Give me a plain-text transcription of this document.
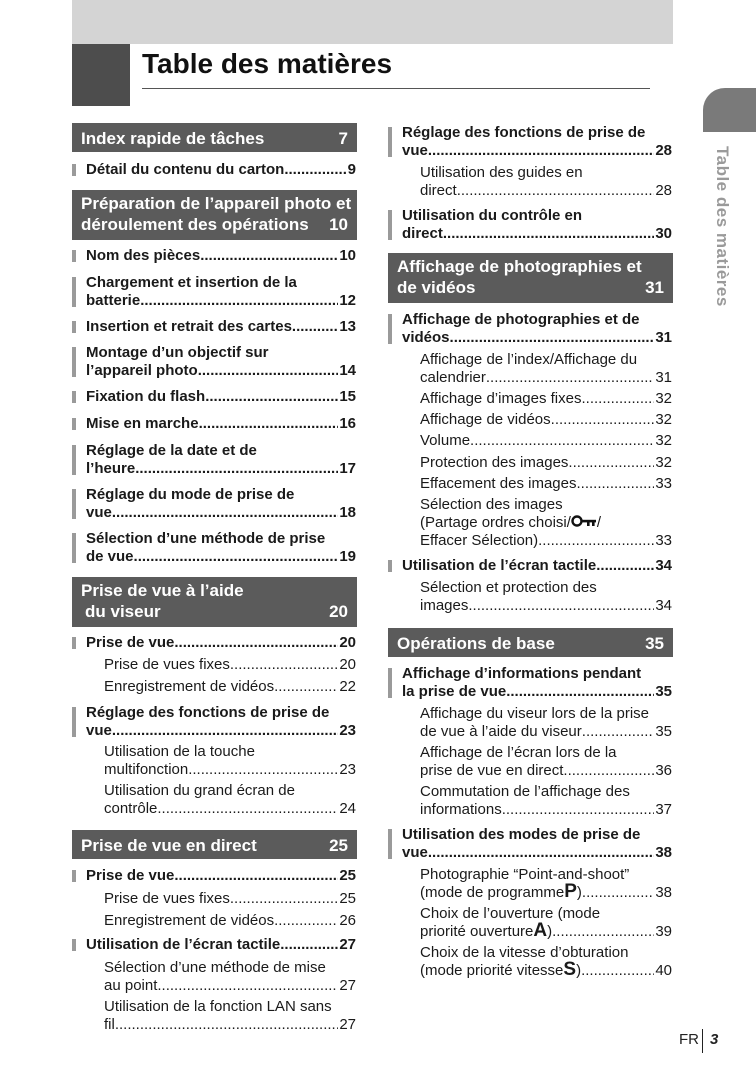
Table des matières
Table des matières
Index rapide de tâches	7
Détail du contenu du carton .....	9
Préparation de l’appareil photo et
déroulement des opérations	10
Nom des pièces .....	10
Chargement et insertion de la
batterie .....	12
Insertion et retrait des cartes .....	13
Montage d’un objectif sur
l’appareil photo .....	14
Fixation du flash .....	15
Mise en marche .....	16
Réglage de la date et de
l’heure .....	17
Réglage du mode de prise de
vue .....	18
Sélection d’une méthode de prise
de vue .....	19
Prise de vue à l’aide
du viseur	20
Prise de vue .....	20
Prise de vues fixes .....	20
Enregistrement de vidéos .....	22
Réglage des fonctions de prise de
vue .....	23
Utilisation de la touche
multifonction .....	23
Utilisation du grand écran de
contrôle .....	24
Prise de vue en direct	25
Prise de vue .....	25
Prise de vues fixes .....	25
Enregistrement de vidéos .....	26
Utilisation de l’écran tactile .....	27
Sélection d’une méthode de mise
au point .....	27
Utilisation de la fonction LAN sans
fil .....	27
Réglage des fonctions de prise de
vue .....	28
Utilisation des guides en
direct .....	28
Utilisation du contrôle en
direct .....	30
Affichage de photographies et
de vidéos	31
Affichage de photographies et de
vidéos .....	31
Affichage de l’index/Affichage du
calendrier .....	31
Affichage d’images fixes .....	32
Affichage de vidéos .....	32
Volume .....	32
Protection des images .....	32
Effacement des images .....	33
Sélection des images
(Partage ordres choisi/ /
Effacer Sélection) .....	33
Utilisation de l’écran tactile .....	34
Sélection et protection des
images .....	34
Opérations de base	35
Affichage d’informations pendant
la prise de vue .....	35
Affichage du viseur lors de la prise
de vue à l’aide du viseur .....	35
Affichage de l’écran lors de la
prise de vue en direct .....	36
Commutation de l’affichage des
informations .....	37
Utilisation des modes de prise de
vue .....	38
Photographie “Point-and-shoot”
(mode de programme P ) .....	38
Choix de l’ouverture (mode
priorité ouverture A ) .....	39
Choix de la vitesse d’obturation
(mode priorité vitesse S ) .....	40
FR 3
